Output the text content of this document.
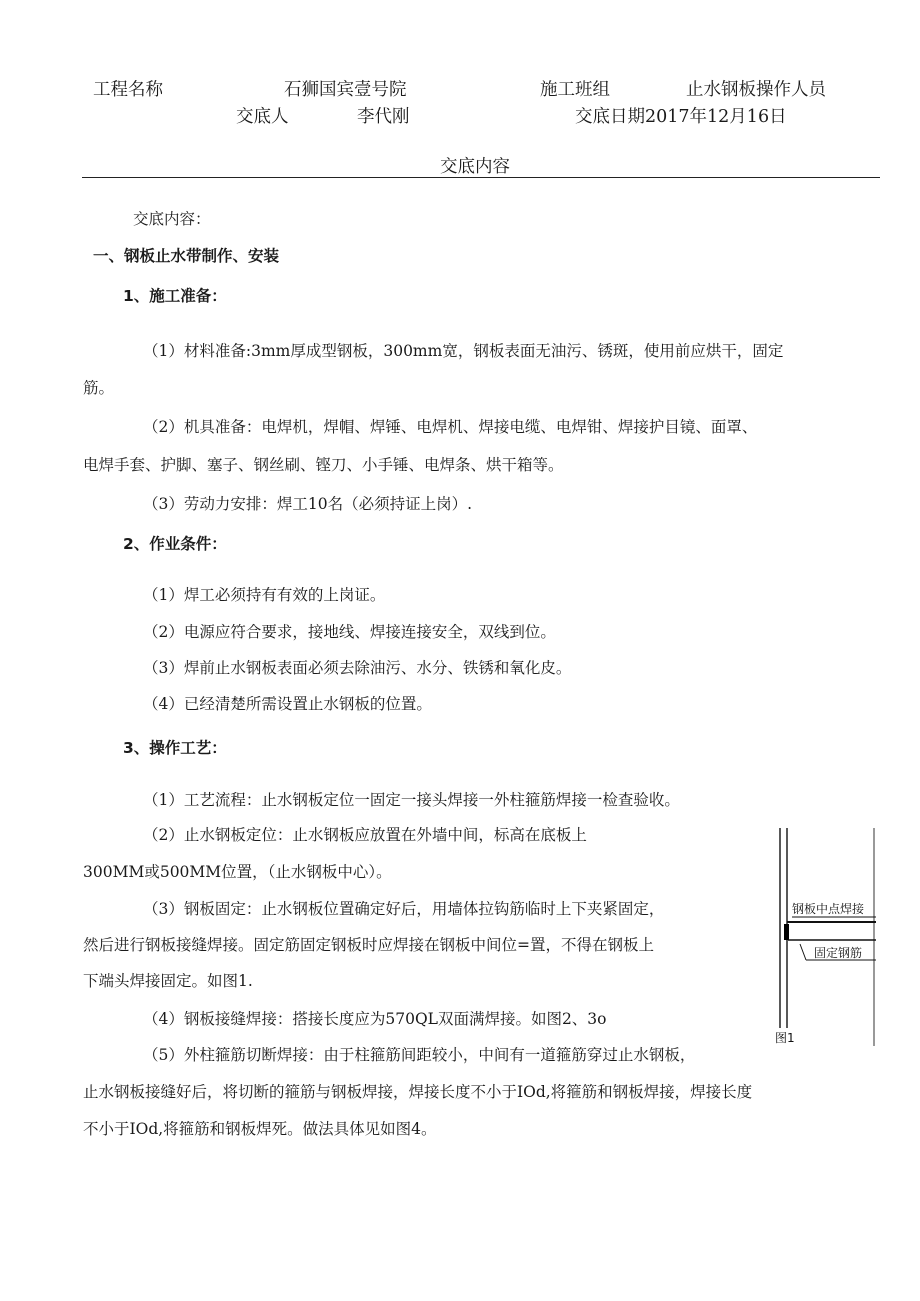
工程名称	石狮国宾壹号院	施工班组	止水钢板操作人员
交底人	李代刚	交底日期2017年12月16日
交底内容
交底内容：
一、钢板止水带制作、安装
1、施工准备：
（1）材料准备:3mm厚成型钢板，300mm宽，钢板表面无油污、锈斑，使用前应烘干，固定
筋。
（2）机具准备：电焊机，焊帽、焊锤、电焊机、焊接电缆、电焊钳、焊接护目镜、面罩、
电焊手套、护脚、塞子、钢丝刷、铿刀、小手锤、电焊条、烘干箱等。
（3）劳动力安排：焊工10名（必须持证上岗）.
2、作业条件：
（1）焊工必须持有有效的上岗证。
（2）电源应符合要求，接地线、焊接连接安全，双线到位。
（3）焊前止水钢板表面必须去除油污、水分、铁锈和氧化皮。
（4）已经清楚所需设置止水钢板的位置。
3、操作工艺：
（1）工艺流程：止水钢板定位一固定一接头焊接一外柱箍筋焊接一检查验收。
（2）止水钢板定位：止水钢板应放置在外墙中间，标高在底板上
300MM或500MM位置，（止水钢板中心）。
（3）钢板固定：止水钢板位置确定好后，用墙体拉钩筋临时上下夹紧固定，
然后进行钢板接缝焊接。固定筋固定钢板时应焊接在钢板中间位=置，不得在钢板上
下端头焊接固定。如图1.
（4）钢板接缝焊接：搭接长度应为570QL双面满焊接。如图2、3o
（5）外柱箍筋切断焊接：由于柱箍筋间距较小，中间有一道箍筋穿过止水钢板，
止水钢板接缝好后，将切断的箍筋与钢板焊接，焊接长度不小于IOd,将箍筋和钢板焊接，焊接长度
不小于IOd,将箍筋和钢板焊死。做法具体见如图4。
钢板中点焊接
固定钢筋
图1
